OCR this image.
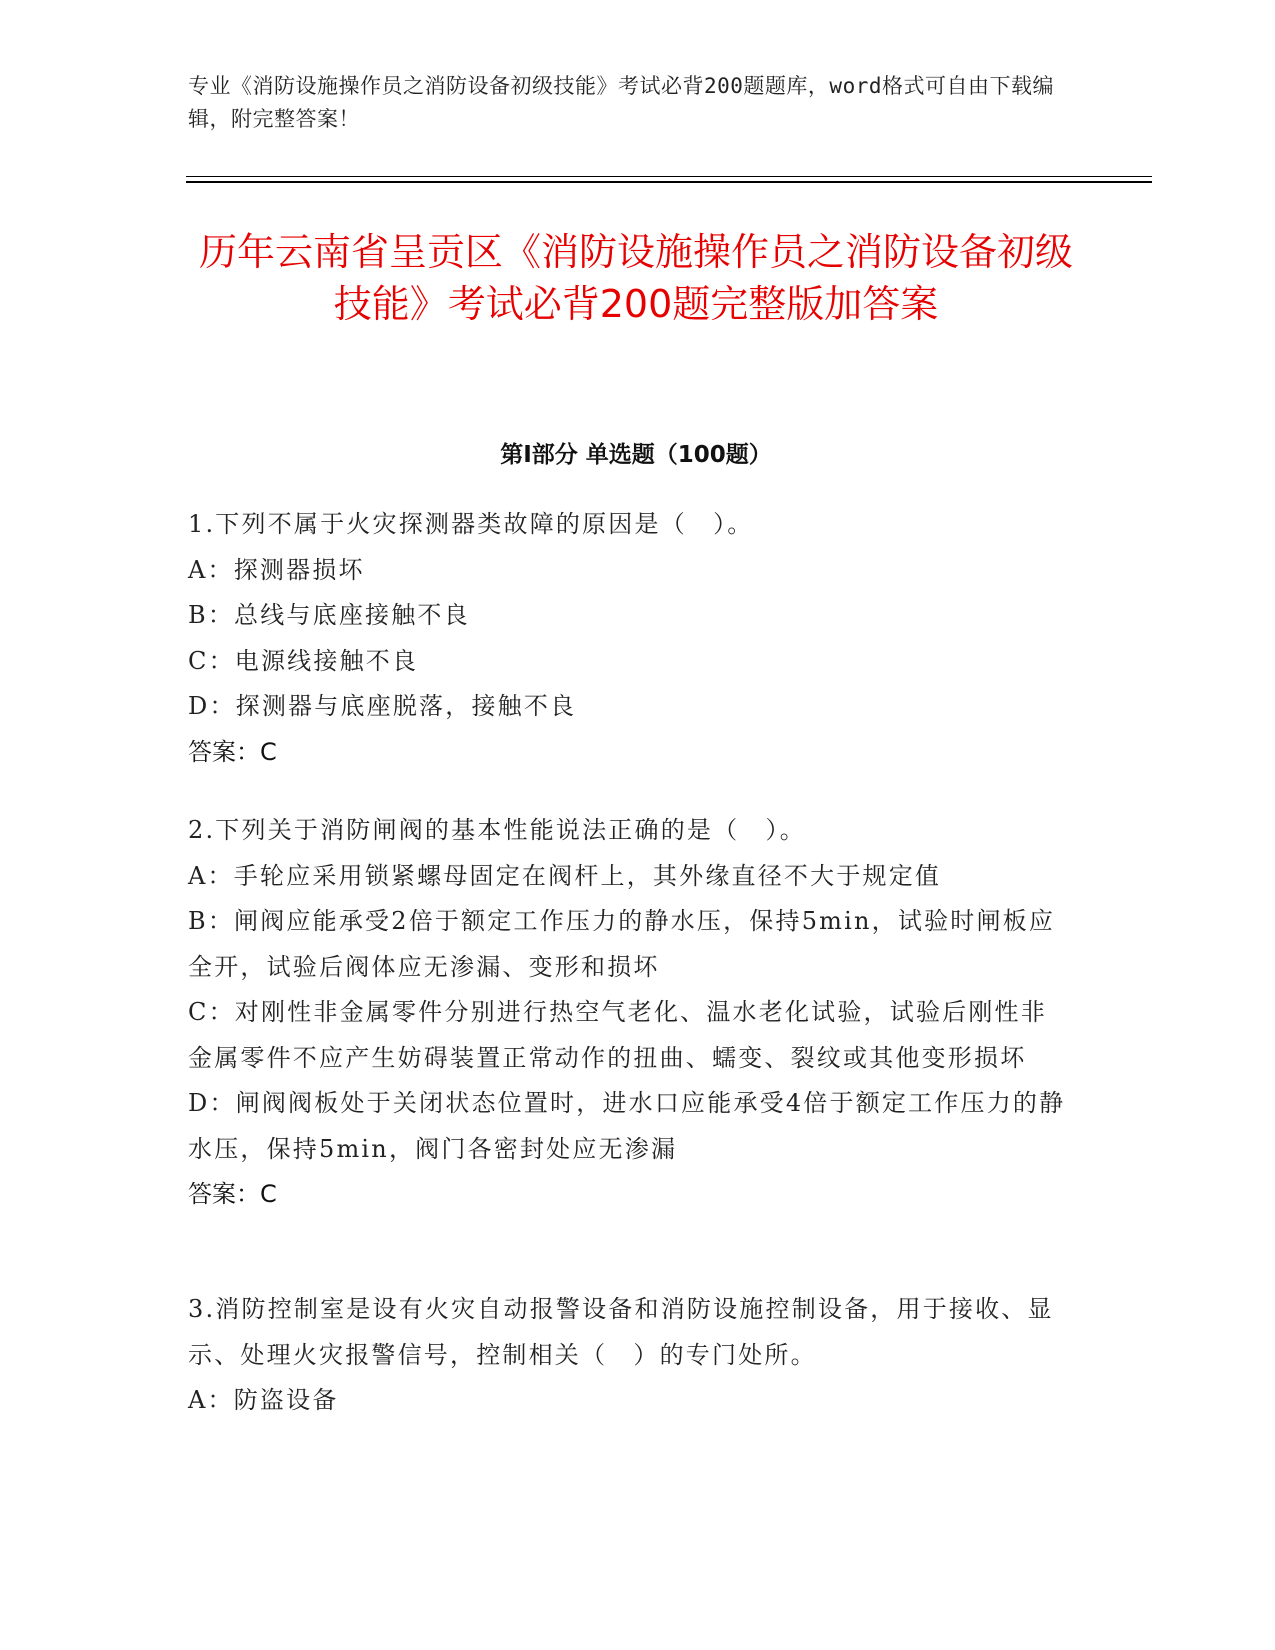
专业《消防设施操作员之消防设备初级技能》考试必背200题题库，word格式可自由下载编辑，附完整答案！
历年云南省呈贡区《消防设施操作员之消防设备初级技能》考试必背200题完整版加答案
第Ⅰ部分 单选题（100题）
1.下列不属于火灾探测器类故障的原因是（　）。
A：探测器损坏
B：总线与底座接触不良
C：电源线接触不良
D：探测器与底座脱落，接触不良
答案：C
2.下列关于消防闸阀的基本性能说法正确的是（　）。
A：手轮应采用锁紧螺母固定在阀杆上，其外缘直径不大于规定值
B：闸阀应能承受2倍于额定工作压力的静水压，保持5min，试验时闸板应全开，试验后阀体应无渗漏、变形和损坏
C：对刚性非金属零件分别进行热空气老化、温水老化试验，试验后刚性非金属零件不应产生妨碍装置正常动作的扭曲、蠕变、裂纹或其他变形损坏
D：闸阀阀板处于关闭状态位置时，进水口应能承受4倍于额定工作压力的静水压，保持5min，阀门各密封处应无渗漏
答案：C
3.消防控制室是设有火灾自动报警设备和消防设施控制设备，用于接收、显示、处理火灾报警信号，控制相关（　）的专门处所。
A：防盗设备
